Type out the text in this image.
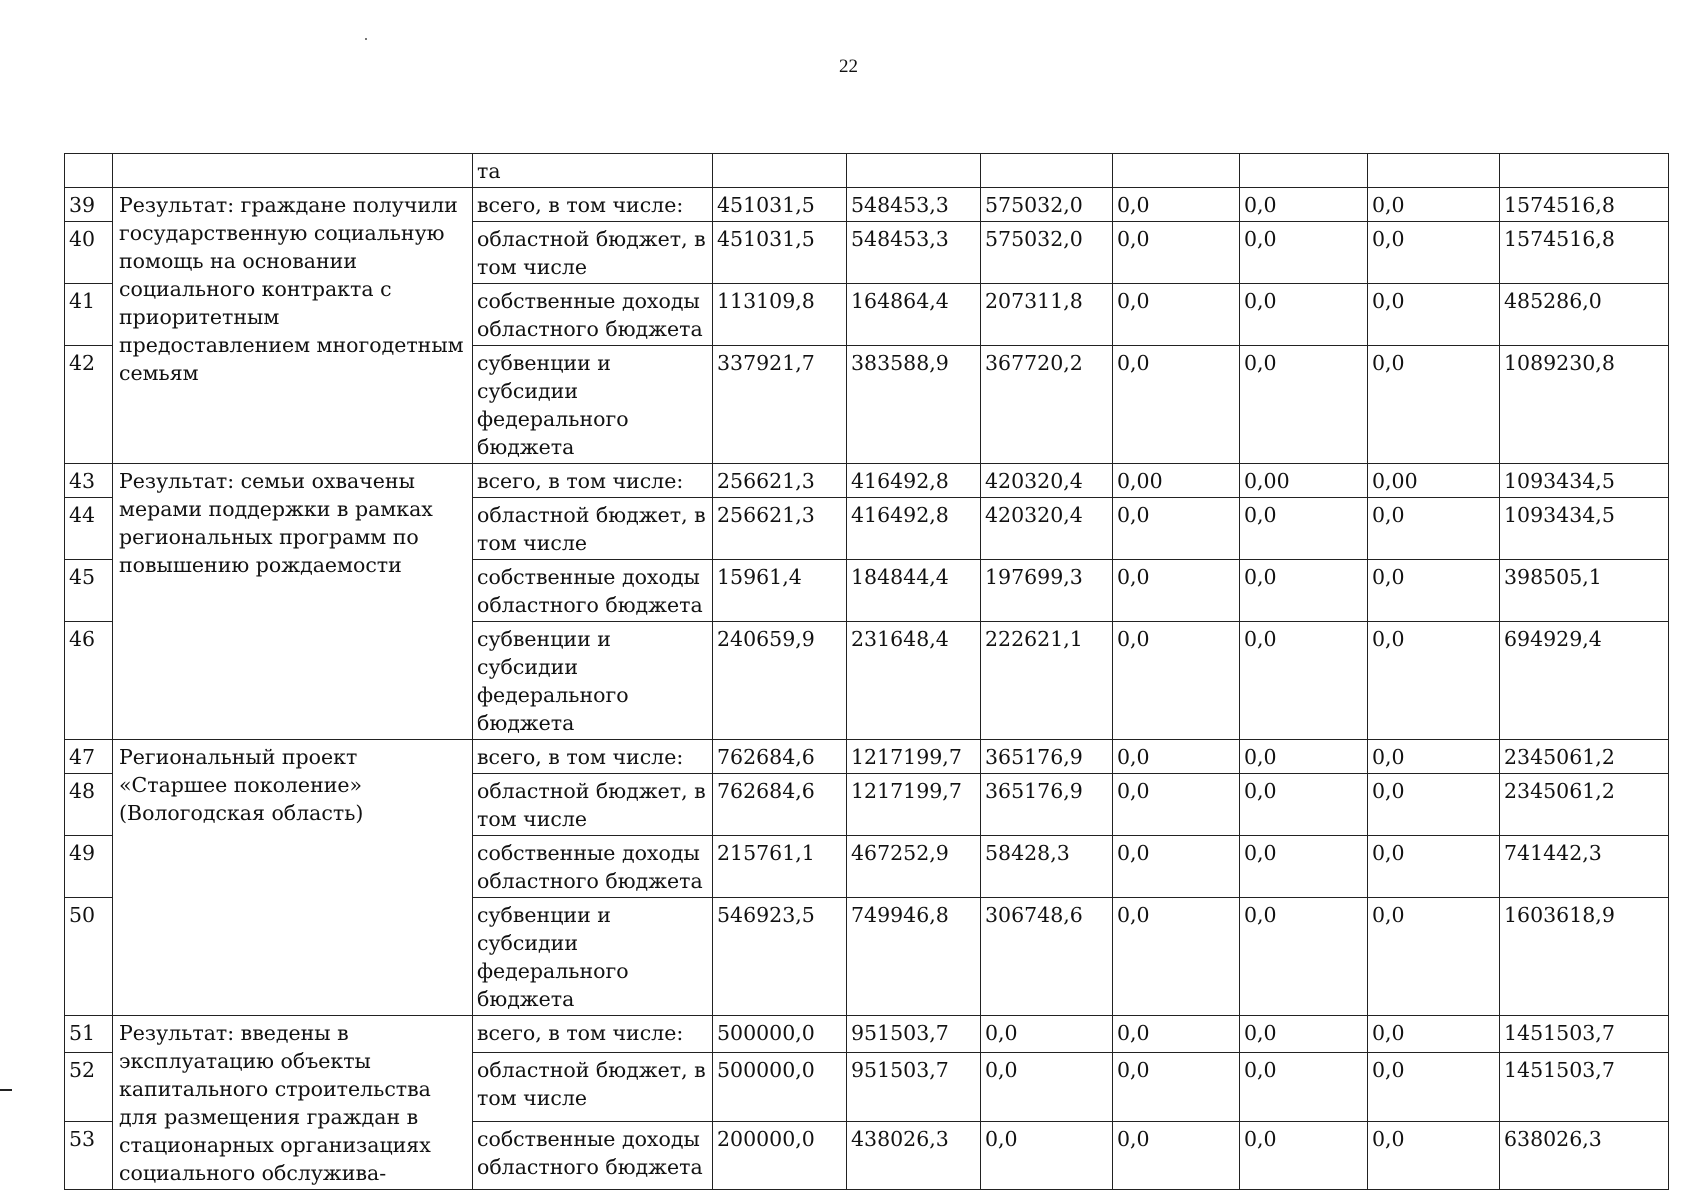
22
		та							
39	Результат: граждане получили государственную социальную помощь на основании социального контракта с приоритетным предоставлением многодетным семьям	всего, в том числе:	451031,5	548453,3	575032,0	0,0	0,0	0,0	1574516,8
40		областной бюджет, в том числе	451031,5	548453,3	575032,0	0,0	0,0	0,0	1574516,8
41		собственные доходы областного бюджета	113109,8	164864,4	207311,8	0,0	0,0	0,0	485286,0
42		субвенции и субсидии федерального бюджета	337921,7	383588,9	367720,2	0,0	0,0	0,0	1089230,8
43	Результат: семьи охвачены мерами поддержки в рамках региональных программ по повышению рождаемости	всего, в том числе:	256621,3	416492,8	420320,4	0,00	0,00	0,00	1093434,5
44		областной бюджет, в том числе	256621,3	416492,8	420320,4	0,0	0,0	0,0	1093434,5
45		собственные доходы областного бюджета	15961,4	184844,4	197699,3	0,0	0,0	0,0	398505,1
46		субвенции и субсидии федерального бюджета	240659,9	231648,4	222621,1	0,0	0,0	0,0	694929,4
47	Региональный проект «Старшее поколение» (Вологодская область)	всего, в том числе:	762684,6	1217199,7	365176,9	0,0	0,0	0,0	2345061,2
48		областной бюджет, в том числе	762684,6	1217199,7	365176,9	0,0	0,0	0,0	2345061,2
49		собственные доходы областного бюджета	215761,1	467252,9	58428,3	0,0	0,0	0,0	741442,3
50		субвенции и субсидии федерального бюджета	546923,5	749946,8	306748,6	0,0	0,0	0,0	1603618,9
51	Результат: введены в эксплуатацию объекты капитального строительства для размещения граждан в стационарных организациях социального обслужива-	всего, в том числе:	500000,0	951503,7	0,0	0,0	0,0	0,0	1451503,7
52		областной бюджет, в том числе	500000,0	951503,7	0,0	0,0	0,0	0,0	1451503,7
53		собственные доходы областного бюджета	200000,0	438026,3	0,0	0,0	0,0	0,0	638026,3
